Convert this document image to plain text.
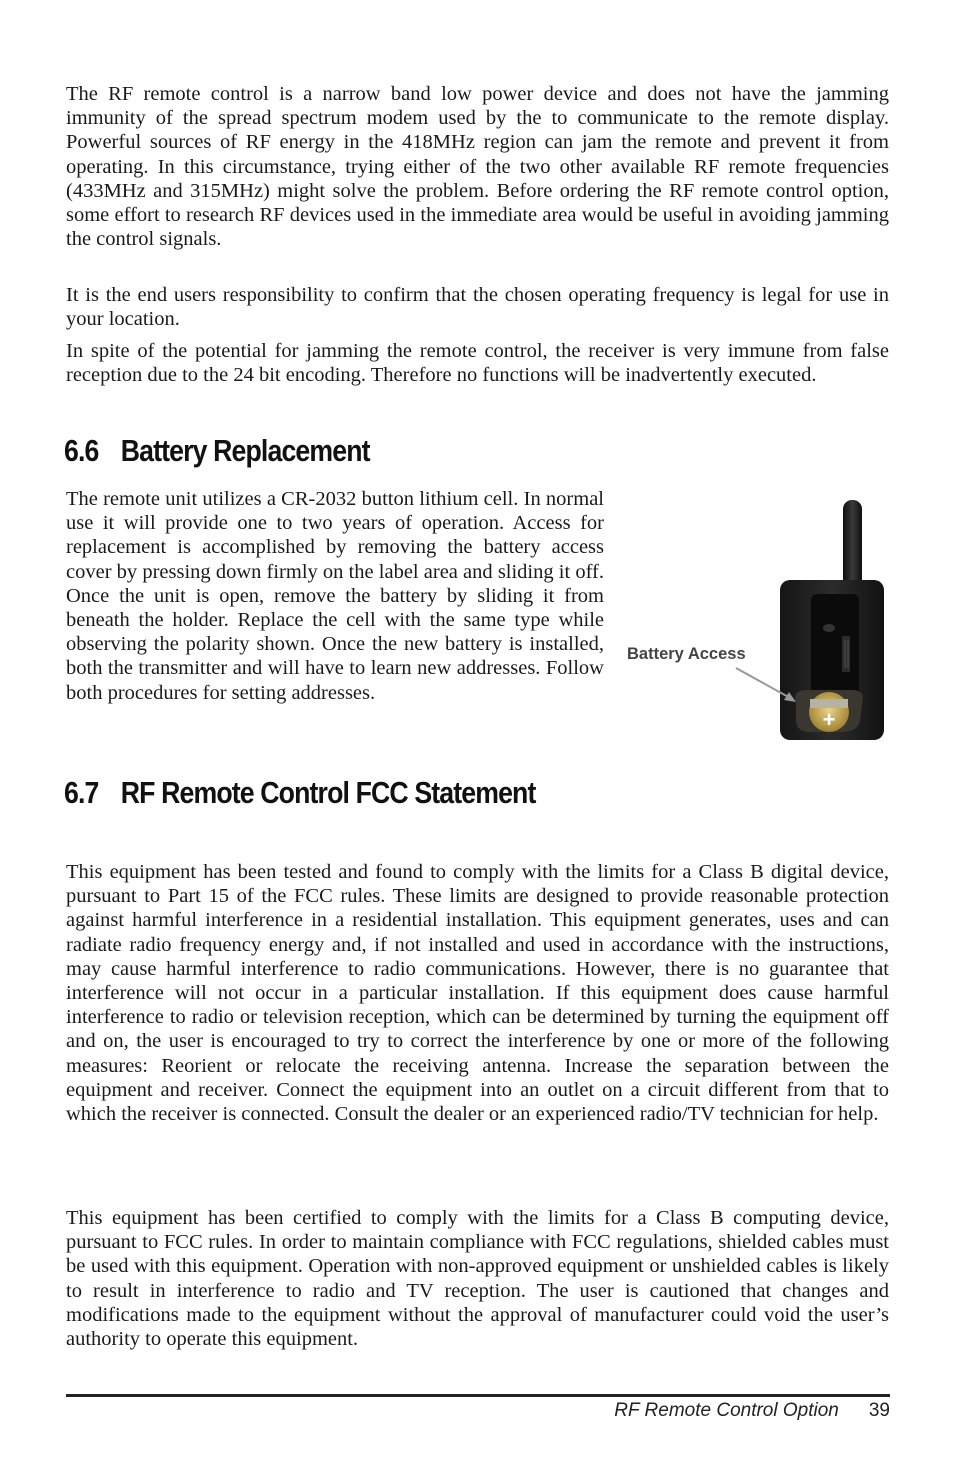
The RF remote control is a narrow band low power device and does not have the jamming immunity of the spread spectrum modem used by the to communicate to the remote display. Powerful sources of RF energy in the 418MHz region can jam the remote and prevent it from operating. In this circumstance, trying either of the two other available RF remote frequencies (433MHz and 315MHz) might solve the problem. Before ordering the RF remote control option, some effort to research RF devices used in the immediate area would be useful in avoiding jamming the control signals.

It is the end users responsibility to confirm that the chosen operating frequency is legal for use in your location.

In spite of the potential for jamming the remote control, the receiver is very immune from false reception due to the 24 bit encoding. Therefore no functions will be inadvertently executed.

6.6 Battery Replacement

The remote unit utilizes a CR-2032 button lithium cell. In normal use it will provide one to two years of operation. Access for replacement is accomplished by removing the battery access cover by pressing down firmly on the label area and sliding it off. Once the unit is open, remove the battery by sliding it from beneath the holder. Replace the cell with the same type while observing the polarity shown. Once the new battery is installed, both the transmitter and will have to learn new addresses. Follow both procedures for setting addresses.

+
Battery Access
6.7 RF Remote Control FCC Statement

This equipment has been tested and found to comply with the limits for a Class B digital device, pursuant to Part 15 of the FCC rules. These limits are designed to provide reasonable protection against harmful interference in a residential installation. This equipment generates, uses and can radiate radio frequency energy and, if not installed and used in accordance with the instructions, may cause harmful interference to radio communications. However, there is no guarantee that interference will not occur in a particular installation. If this equipment does cause harmful interference to radio or television reception, which can be determined by turning the equipment off and on, the user is encouraged to try to correct the interference by one or more of the following measures: Reorient or relocate the receiving antenna. Increase the separation between the equipment and receiver. Connect the equipment into an outlet on a circuit different from that to which the receiver is connected. Consult the dealer or an experienced radio/TV technician for help.

This equipment has been certified to comply with the limits for a Class B computing device, pursuant to FCC rules. In order to maintain compliance with FCC regulations, shielded cables must be used with this equipment. Operation with non-approved equipment or unshielded cables is likely to result in interference to radio and TV reception. The user is cautioned that changes and modifications made to the equipment without the approval of manufacturer could void the user’s authority to operate this equipment.

RF Remote Control Option 39
